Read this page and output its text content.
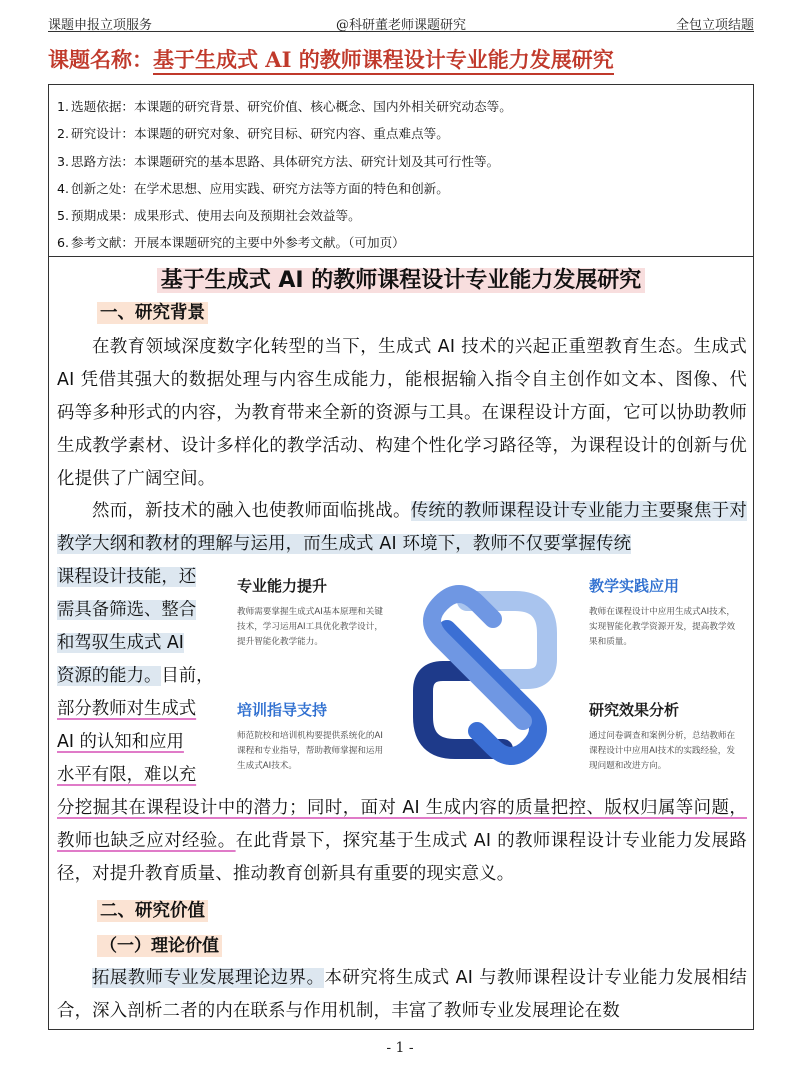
课题申报立项服务	@科研董老师课题研究	全包立项结题
课题名称：基于生成式 AI 的教师课程设计专业能力发展研究
1. 选题依据：本课题的研究背景、研究价值、核心概念、国内外相关研究动态等。
2. 研究设计：本课题的研究对象、研究目标、研究内容、重点难点等。
3. 思路方法：本课题研究的基本思路、具体研究方法、研究计划及其可行性等。
4. 创新之处：在学术思想、应用实践、研究方法等方面的特色和创新。
5. 预期成果：成果形式、使用去向及预期社会效益等。
6. 参考文献：开展本课题研究的主要中外参考文献。（可加页）
基于生成式 AI 的教师课程设计专业能力发展研究
一、研究背景
在教育领域深度数字化转型的当下，生成式 AI 技术的兴起正重塑教育生态。生成式 AI 凭借其强大的数据处理与内容生成能力，能根据输入指令自主创作如文本、图像、代码等多种形式的内容，为教育带来全新的资源与工具。在课程设计方面，它可以协助教师生成教学素材、设计多样化的教学活动、构建个性化学习路径等，为课程设计的创新与优化提供了广阔空间。
然而，新技术的融入也使教师面临挑战。传统的教师课程设计专业能力主要聚焦于对教学大纲和教材的理解与运用，而生成式 AI 环境下，教师不仅要掌握传统
课程设计技能，还
需具备筛选、整合
和驾驭生成式 AI
资源的能力。目前，
部分教师对生成式
AI 的认知和应用
水平有限，难以充
专业能力提升
教师需要掌握生成式AI基本原理和关键技术，学习运用AI工具优化教学设计，提升智能化教学能力。
教学实践应用
教师在课程设计中应用生成式AI技术，实现智能化教学资源开发，提高教学效果和质量。
培训指导支持
师范院校和培训机构要提供系统化的AI课程和专业指导，帮助教师掌握和运用生成式AI技术。
研究效果分析
通过问卷调查和案例分析，总结教师在课程设计中应用AI技术的实践经验，发现问题和改进方向。
分挖掘其在课程设计中的潜力；同时，面对 AI 生成内容的质量把控、版权归属等问题，教师也缺乏应对经验。在此背景下，探究基于生成式 AI 的教师课程设计专业能力发展路径，对提升教育质量、推动教育创新具有重要的现实意义。
二、研究价值
（一）理论价值
拓展教师专业发展理论边界。本研究将生成式 AI 与教师课程设计专业能力发展相结合，深入剖析二者的内在联系与作用机制，丰富了教师专业发展理论在数
- 1 -
